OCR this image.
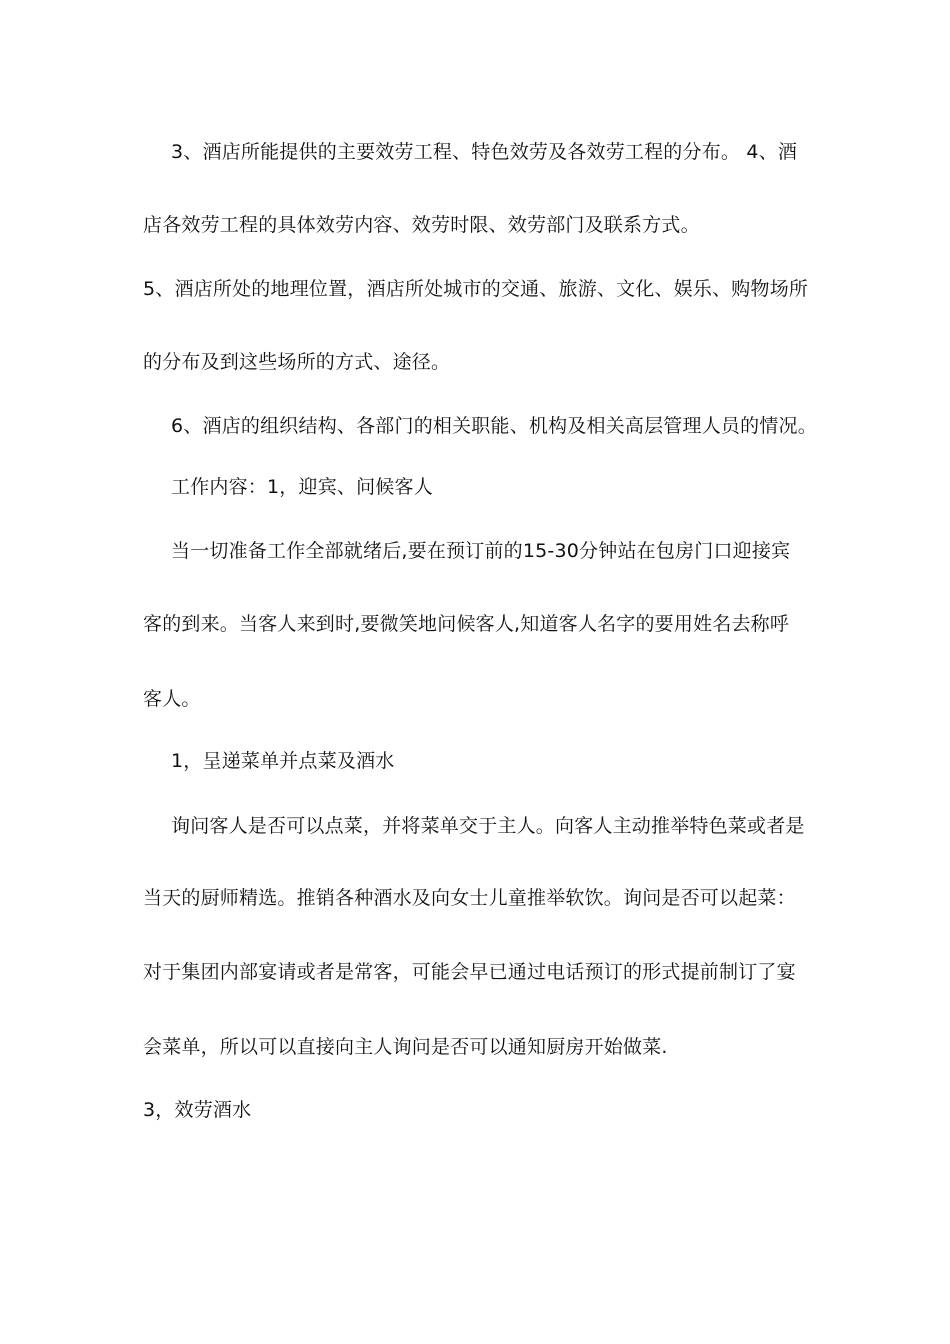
3、酒店所能提供的主要效劳工程、特色效劳及各效劳工程的分布。 4、酒
店各效劳工程的具体效劳内容、效劳时限、效劳部门及联系方式。
5、酒店所处的地理位置，酒店所处城市的交通、旅游、文化、娱乐、购物场所
的分布及到这些场所的方式、途径。
6、酒店的组织结构、各部门的相关职能、机构及相关高层管理人员的情况。
工作内容：1，迎宾、问候客人
当一切准备工作全部就绪后,要在预订前的15-30分钟站在包房门口迎接宾
客的到来。当客人来到时,要微笑地问候客人,知道客人名字的要用姓名去称呼
客人。
1，呈递菜单并点菜及酒水
询问客人是否可以点菜，并将菜单交于主人。向客人主动推举特色菜或者是
当天的厨师精选。推销各种酒水及向女士儿童推举软饮。询问是否可以起菜：
对于集团内部宴请或者是常客，可能会早已通过电话预订的形式提前制订了宴
会菜单，所以可以直接向主人询问是否可以通知厨房开始做菜.
3，效劳酒水
